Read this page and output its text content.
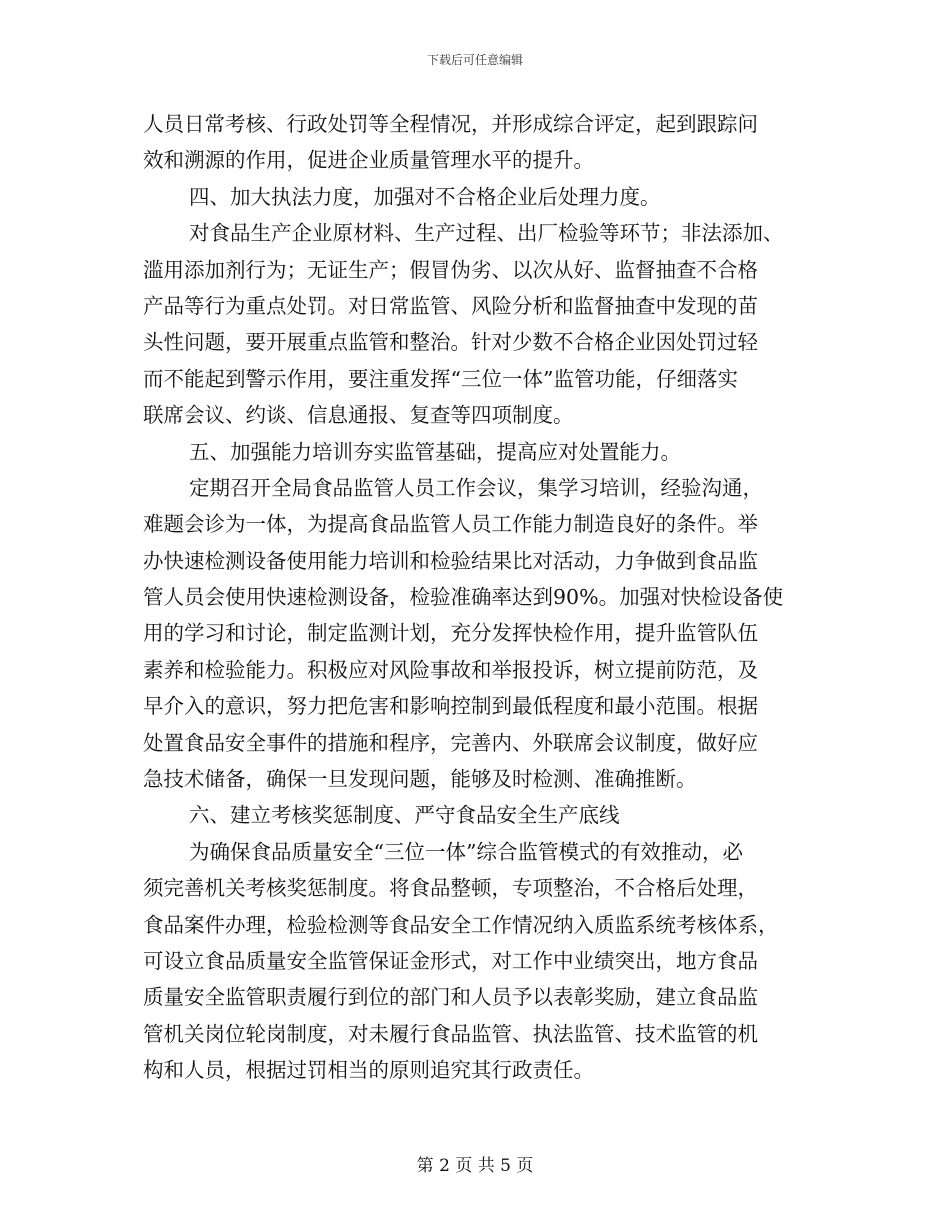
下载后可任意编辑
人员日常考核、行政处罚等全程情况，并形成综合评定，起到跟踪问
效和溯源的作用，促进企业质量管理水平的提升。
四、加大执法力度，加强对不合格企业后处理力度。
对食品生产企业原材料、生产过程、出厂检验等环节；非法添加、
滥用添加剂行为；无证生产；假冒伪劣、以次从好、监督抽查不合格
产品等行为重点处罚。对日常监管、风险分析和监督抽查中发现的苗
头性问题，要开展重点监管和整治。针对少数不合格企业因处罚过轻
而不能起到警示作用，要注重发挥“三位一体”监管功能，仔细落实
联席会议、约谈、信息通报、复查等四项制度。
五、加强能力培训夯实监管基础，提高应对处置能力。
定期召开全局食品监管人员工作会议，集学习培训，经验沟通，
难题会诊为一体，为提高食品监管人员工作能力制造良好的条件。举
办快速检测设备使用能力培训和检验结果比对活动，力争做到食品监
管人员会使用快速检测设备，检验准确率达到90%。加强对快检设备使
用的学习和讨论，制定监测计划，充分发挥快检作用，提升监管队伍
素养和检验能力。积极应对风险事故和举报投诉，树立提前防范，及
早介入的意识，努力把危害和影响控制到最低程度和最小范围。根据
处置食品安全事件的措施和程序，完善内、外联席会议制度，做好应
急技术储备，确保一旦发现问题，能够及时检测、准确推断。
六、建立考核奖惩制度、严守食品安全生产底线
为确保食品质量安全“三位一体”综合监管模式的有效推动，必
须完善机关考核奖惩制度。将食品整顿，专项整治，不合格后处理，
食品案件办理，检验检测等食品安全工作情况纳入质监系统考核体系，
可设立食品质量安全监管保证金形式，对工作中业绩突出，地方食品
质量安全监管职责履行到位的部门和人员予以表彰奖励，建立食品监
管机关岗位轮岗制度，对未履行食品监管、执法监管、技术监管的机
构和人员，根据过罚相当的原则追究其行政责任。
第 2 页 共 5 页
